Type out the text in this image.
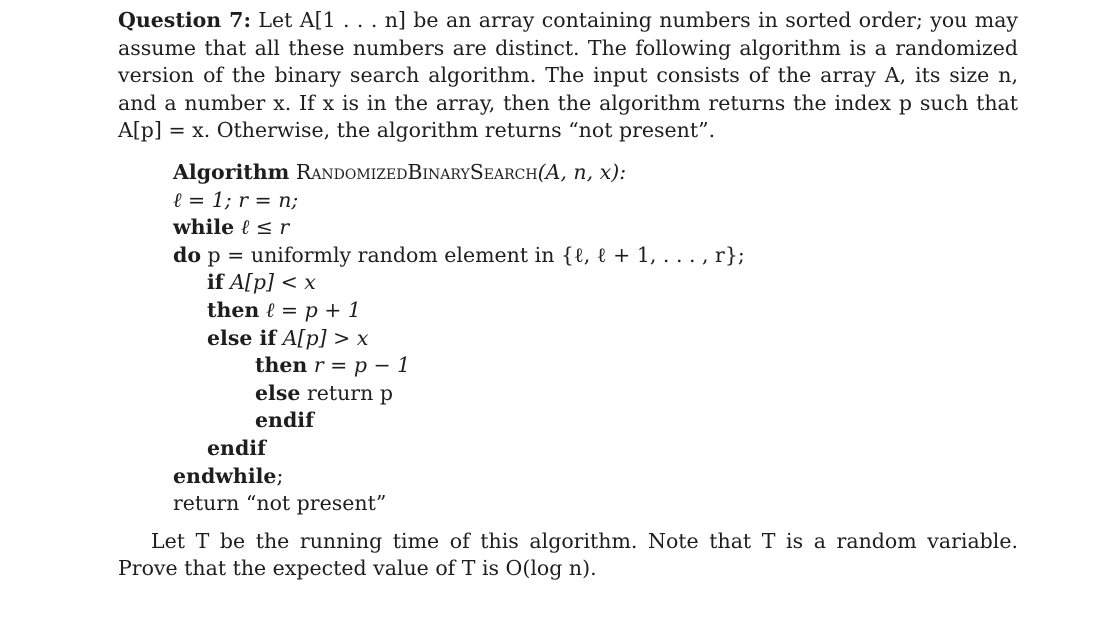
Question 7: Let A[1 . . . n] be an array containing numbers in sorted order; you may assume that all these numbers are distinct. The following algorithm is a randomized version of the binary search algorithm. The input consists of the array A, its size n, and a number x. If x is in the array, then the algorithm returns the index p such that A[p] = x. Otherwise, the algorithm returns “not present”.

Algorithm RandomizedBinarySearch(A, n, x):
ℓ = 1; r = n;
while ℓ ≤ r
do p = uniformly random element in {ℓ, ℓ + 1, . . . , r};
if A[p] < x
then ℓ = p + 1
else if A[p] > x
then r = p − 1
else return p
endif
endif
endwhile;
return “not present”

Let T be the running time of this algorithm. Note that T is a random variable. Prove that the expected value of T is O(log n).
